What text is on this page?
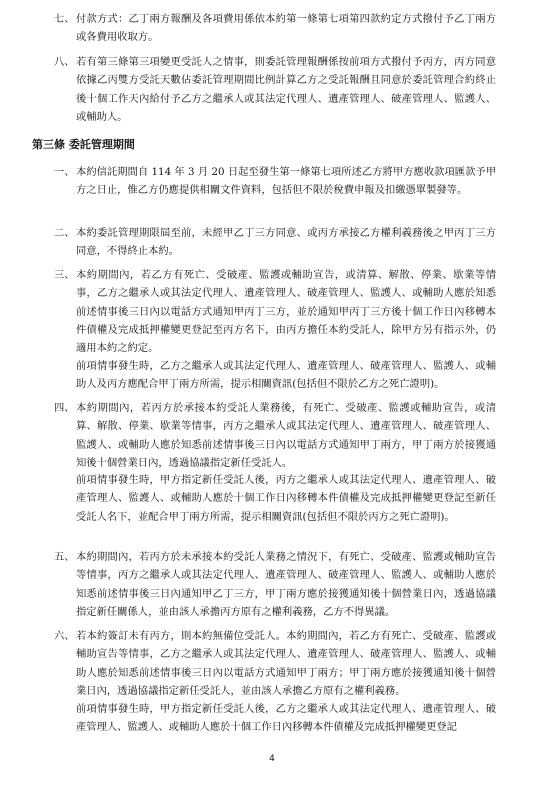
七、 付款方式：乙丁兩方報酬及各項費用係依本約第一條第七項第四款約定方式撥付予乙丁兩方或各費用收取方。
八、 若有第三條第三項變更受託人之情事，則委託管理報酬係按前項方式撥付予丙方，丙方同意依據乙丙雙方受託天數佔委託管理期間比例計算乙方之受託報酬且同意於委託管理合約終止後十個工作天內給付予乙方之繼承人或其法定代理人、遺產管理人、破產管理人、監護人、或輔助人。
第三條 委託管理期間
一、 本約信託期間自 114 年 3 月 20 日起至發生第一條第七項所述乙方將甲方應收款項匯款予甲方之日止，惟乙方仍應提供相關文件資料，包括但不限於稅費申報及扣繳憑單製發等。
二、 本約委託管理期限屆至前，未經甲乙丁三方同意、或丙方承接乙方權利義務後之甲丙丁三方同意，不得終止本約。
三、 本約期間內，若乙方有死亡、受破產、監護或輔助宣告，或清算、解散、停業、歇業等情事，乙方之繼承人或其法定代理人、遺產管理人、破產管理人、監護人、或輔助人應於知悉前述情事後三日內以電話方式通知甲丙丁三方，並於通知甲丙丁三方後十個工作日內移轉本件債權及完成抵押權變更登記至丙方名下，由丙方擔任本約受託人，除甲方另有指示外，仍適用本約之約定。
前項情事發生時，乙方之繼承人或其法定代理人、遺產管理人、破產管理人、監護人、或輔助人及丙方應配合甲丁兩方所需，提示相關資訊(包括但不限於乙方之死亡證明)。
四、 本約期間內，若丙方於承接本約受託人業務後，有死亡、受破產、監護或輔助宣告，或清算、解散、停業、歇業等情事，丙方之繼承人或其法定代理人、遺產管理人、破產管理人、監護人、或輔助人應於知悉前述情事後三日內以電話方式通知甲丁兩方，甲丁兩方於接獲通知後十個營業日內，透過協議指定新任受託人。
前項情事發生時，甲方指定新任受託人後，丙方之繼承人或其法定代理人、遺產管理人、破產管理人、監護人、或輔助人應於十個工作日內移轉本件債權及完成抵押權變更登記至新任受託人名下，並配合甲丁兩方所需，提示相關資訊(包括但不限於丙方之死亡證明)。
五、 本約期間內，若丙方於未承接本約受託人業務之情況下，有死亡、受破產、監護或輔助宣告等情事，丙方之繼承人或其法定代理人、遺產管理人、破產管理人、監護人、或輔助人應於知悉前述情事後三日內通知甲乙丁三方，甲丁兩方應於接獲通知後十個營業日內，透過協議指定新任關係人，並由該人承擔丙方原有之權利義務，乙方不得異議。
六、 若本約簽訂未有丙方，則本約無備位受託人。本約期間內，若乙方有死亡、受破產、監護或輔助宣告等情事，乙方之繼承人或其法定代理人、遺產管理人、破產管理人、監護人、或輔助人應於知悉前述情事後三日內以電話方式通知甲丁兩方；甲丁兩方應於接獲通知後十個營業日內，透過協議指定新任受託人，並由該人承擔乙方原有之權利義務。
前項情事發生時，甲方指定新任受託人後，乙方之繼承人或其法定代理人、遺產管理人、破產管理人、監護人、或輔助人應於十個工作日內移轉本件債權及完成抵押權變更登記
4
